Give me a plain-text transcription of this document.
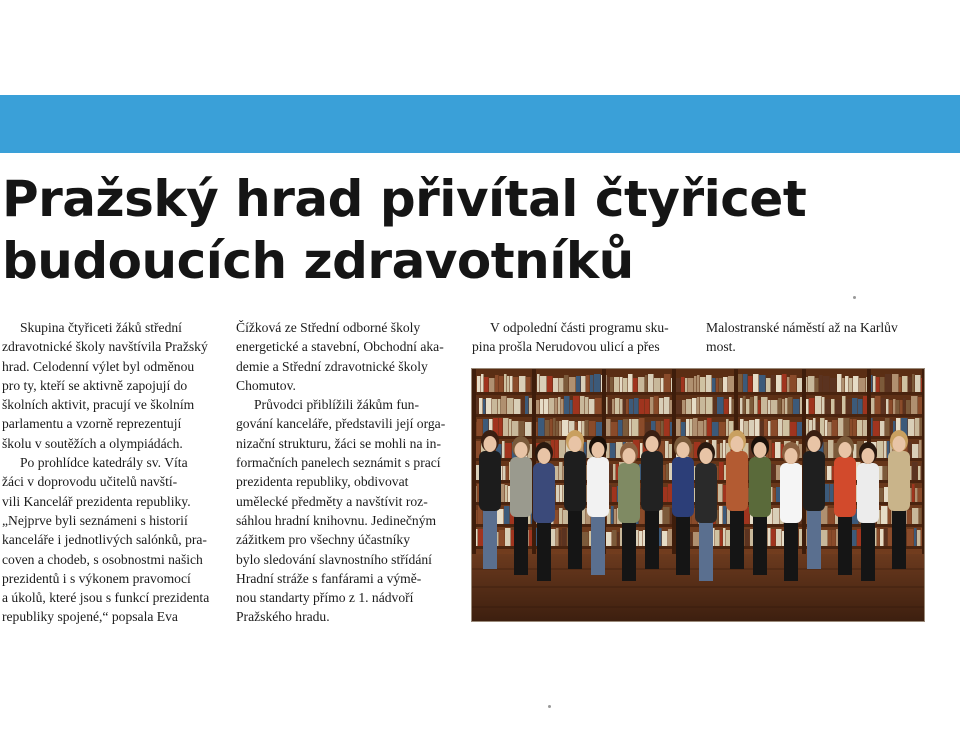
Pražský hrad přivítal čtyřicet
budoucích zdravotníků
Skupina čtyřiceti žáků střední
zdravotnické školy navštívila Pražský
hrad. Celodenní výlet byl odměnou
pro ty, kteří se aktivně zapojují do
školních aktivit, pracují ve školním
parlamentu a vzorně reprezentují
školu v soutěžích a olympiádách.
Po prohlídce katedrály sv. Víta
žáci v doprovodu učitelů navští-
vili Kancelář prezidenta republiky.
„Nejprve byli seznámeni s historií
kanceláře i jednotlivých salónků, pra-
coven a chodeb, s osobnostmi našich
prezidentů i s výkonem pravomocí
a úkolů, které jsou s funkcí prezidenta
republiky spojené,“ popsala Eva
Čížková ze Střední odborné školy
energetické a stavební, Obchodní aka-
demie a Střední zdravotnické školy
Chomutov.
Průvodci přiblížili žákům fun-
gování kanceláře, představili její orga-
nizační strukturu, žáci se mohli na in-
formačních panelech seznámit s prací
prezidenta republiky, obdivovat
umělecké předměty a navštívit roz-
sáhlou hradní knihovnu. Jedinečným
zážitkem pro všechny účastníky
bylo sledování slavnostního střídání
Hradní stráže s fanfárami a výmě-
nou standarty přímo z 1. nádvoří
Pražského hradu.
V odpolední části programu sku-
pina prošla Nerudovou ulicí a přes
Malostranské náměstí až na Karlův
most.
